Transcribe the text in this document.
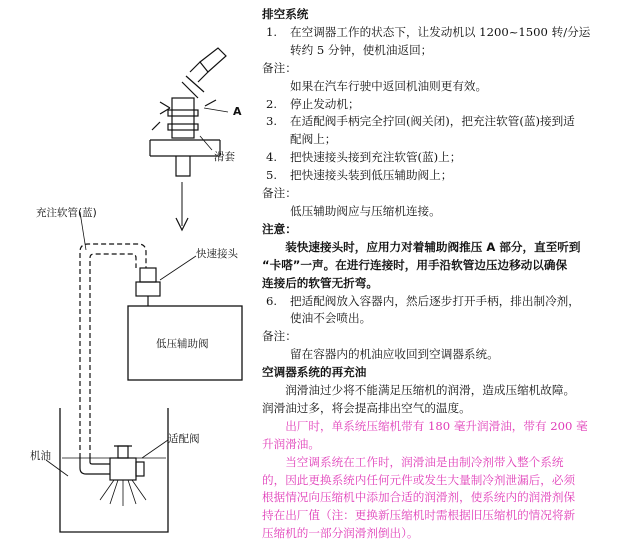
A
滑套
充注软管(蓝)
快速接头
低压辅助阀
机油
适配阀
排空系统
1. 在空调器工作的状态下，让发动机以 1200~1500 转/分运
转约 5 分钟，使机油返回；
备注：
如果在汽车行驶中返回机油则更有效。
2. 停止发动机；
3. 在适配阀手柄完全拧回(阀关闭)，把充注软管(蓝)接到适
配阀上；
4. 把快速接头接到充注软管(蓝)上；
5. 把快速接头装到低压辅助阀上；
备注：
低压辅助阀应与压缩机连接。
注意：
装快速接头时，应用力对着辅助阀推压 A 部分，直至听到
“卡嗒”一声。在进行连接时，用手沿软管边压边移动以确保
连接后的软管无折弯。
6. 把适配阀放入容器内，然后逐步打开手柄，排出制冷剂，
使油不会喷出。
备注：
留在容器内的机油应收回到空调器系统。
空调器系统的再充油
润滑油过少将不能满足压缩机的润滑，造成压缩机故障。
润滑油过多，将会提高排出空气的温度。
出厂时，单系统压缩机带有 180 毫升润滑油，带有 200 毫
升润滑油。
当空调系统在工作时，润滑油是由制冷剂带入整个系统
的，因此更换系统内任何元件或发生大量制冷剂泄漏后，必须
根据情况向压缩机中添加合适的润滑剂，使系统内的润滑剂保
持在出厂值（注：更换新压缩机时需根据旧压缩机的情况将新
压缩机的一部分润滑剂倒出）。
